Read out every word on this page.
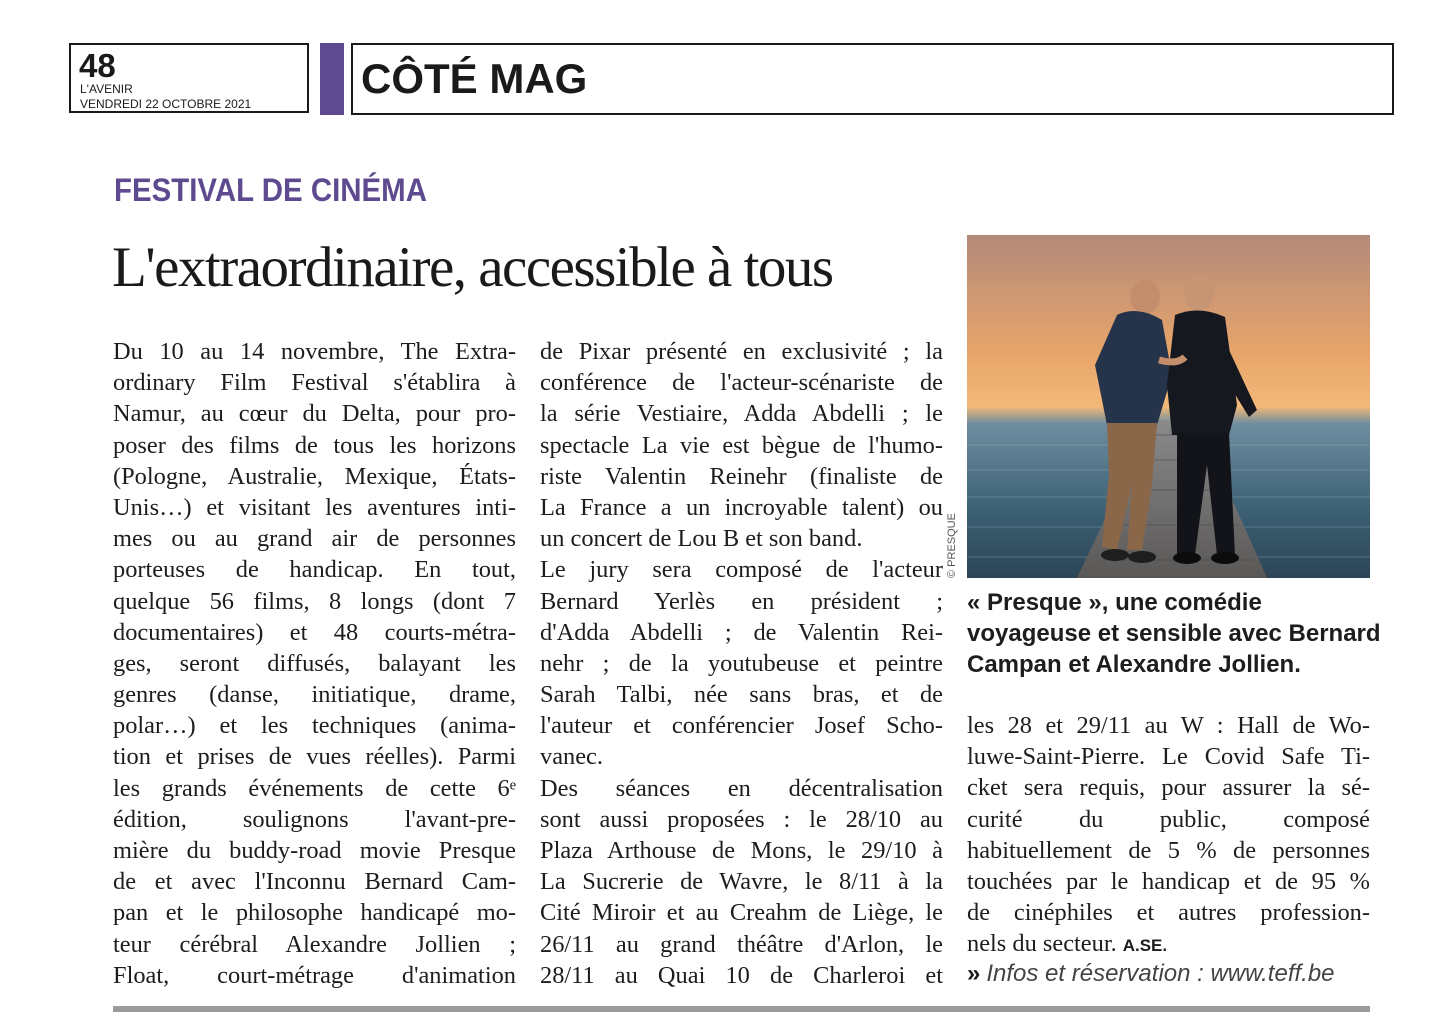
48
L'AVENIR
VENDREDI 22 OCTOBRE 2021
CÔTÉ MAG
FESTIVAL DE CINÉMA
L'extraordinaire, accessible à tous
Du 10 au 14 novembre, The Extra-
ordinary Film Festival s'établira à
Namur, au cœur du Delta, pour pro-
poser des films de tous les horizons
(Pologne, Australie, Mexique, États-
Unis…) et visitant les aventures inti-
mes ou au grand air de personnes
porteuses de handicap. En tout,
quelque 56 films, 8 longs (dont 7
documentaires) et 48 courts-métra-
ges, seront diffusés, balayant les
genres (danse, initiatique, drame,
polar…) et les techniques (anima-
tion et prises de vues réelles). Parmi
les grands événements de cette 6ᵉ
édition, soulignons l'avant-pre-
mière du buddy-road movie Presque
de et avec l'Inconnu Bernard Cam-
pan et le philosophe handicapé mo-
teur cérébral Alexandre Jollien ;
Float, court-métrage d'animation
de Pixar présenté en exclusivité ; la
conférence de l'acteur-scénariste de
la série Vestiaire, Adda Abdelli ; le
spectacle La vie est bègue de l'humo-
riste Valentin Reinehr (finaliste de
La France a un incroyable talent) ou
un concert de Lou B et son band.
Le jury sera composé de l'acteur
Bernard Yerlès en président ;
d'Adda Abdelli ; de Valentin Rei-
nehr ; de la youtubeuse et peintre
Sarah Talbi, née sans bras, et de
l'auteur et conférencier Josef Scho-
vanec.
Des séances en décentralisation
sont aussi proposées : le 28/10 au
Plaza Arthouse de Mons, le 29/10 à
La Sucrerie de Wavre, le 8/11 à la
Cité Miroir et au Creahm de Liège, le
26/11 au grand théâtre d'Arlon, le
28/11 au Quai 10 de Charleroi et
© PRESQUE
« Presque », une comédie
voyageuse et sensible avec Bernard
Campan et Alexandre Jollien.
les 28 et 29/11 au W : Hall de Wo-
luwe-Saint-Pierre. Le Covid Safe Ti-
cket sera requis, pour assurer la sé-
curité du public, composé
habituellement de 5 % de personnes
touchées par le handicap et de 95 %
de cinéphiles et autres profession-
nels du secteur. A.SE.
» Infos et réservation : www.teff.be
